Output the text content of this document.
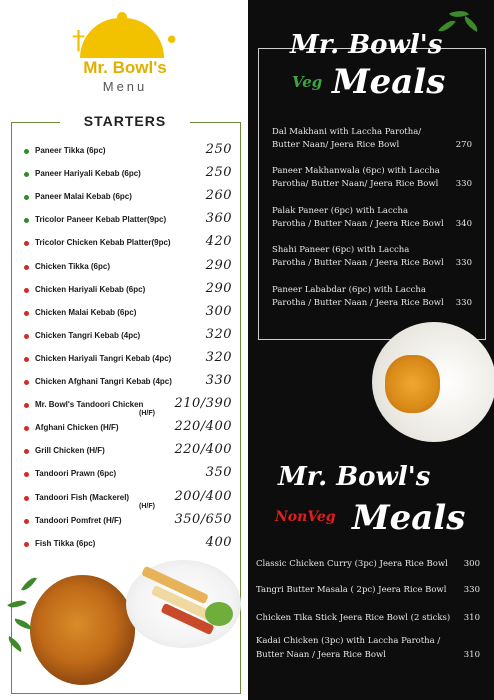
†	•
Mr. Bowl's
Menu
STARTERS
Paneer Tikka (6pc)	250
Paneer Hariyali Kebab (6pc)	250
Paneer Malai Kebab (6pc)	260
Tricolor Paneer Kebab Platter(9pc)	360
Tricolor Chicken Kebab Platter(9pc)	420
Chicken Tikka (6pc)	290
Chicken Hariyali Kebab (6pc)	290
Chicken Malai Kebab (6pc)	300
Chicken Tangri Kebab (4pc)	320
Chicken Hariyali Tangri Kebab (4pc)	320
Chicken Afghani Tangri Kebab (4pc)	330
Mr. Bowl's Tandoori Chicken
(H/F)
210/390
Afghani Chicken (H/F)	220/400
Grill Chicken (H/F)	220/400
Tandoori Prawn (6pc)	350
Tandoori Fish (Mackerel)
(H/F)
200/400
Tandoori Pomfret (H/F)	350/650
Fish Tikka (6pc)	400
Mr. Bowl's
Veg Meals
Dal Makhani with Laccha Parotha/ Butter Naan/ Jeera Rice Bowl	270
Paneer Makhanwala (6pc) with Laccha Parotha/ Butter Naan/ Jeera Rice Bowl 330
Palak Paneer (6pc) with Laccha Parotha / Butter Naan / Jeera Rice Bowl 340
Shahi Paneer (6pc) with Laccha Parotha / Butter Naan / Jeera Rice Bowl 330
Paneer Lababdar (6pc) with Laccha Parotha / Butter Naan / Jeera Rice Bowl 330
Mr. Bowl's
NonVeg Meals
Classic Chicken Curry (3pc) Jeera Rice Bowl 300
Tangri Butter Masala ( 2pc) Jeera Rice Bowl 330
Chicken Tika Stick Jeera Rice Bowl (2 sticks) 310
Kadai Chicken (3pc) with Laccha Parotha / Butter Naan / Jeera Rice Bowl	310
